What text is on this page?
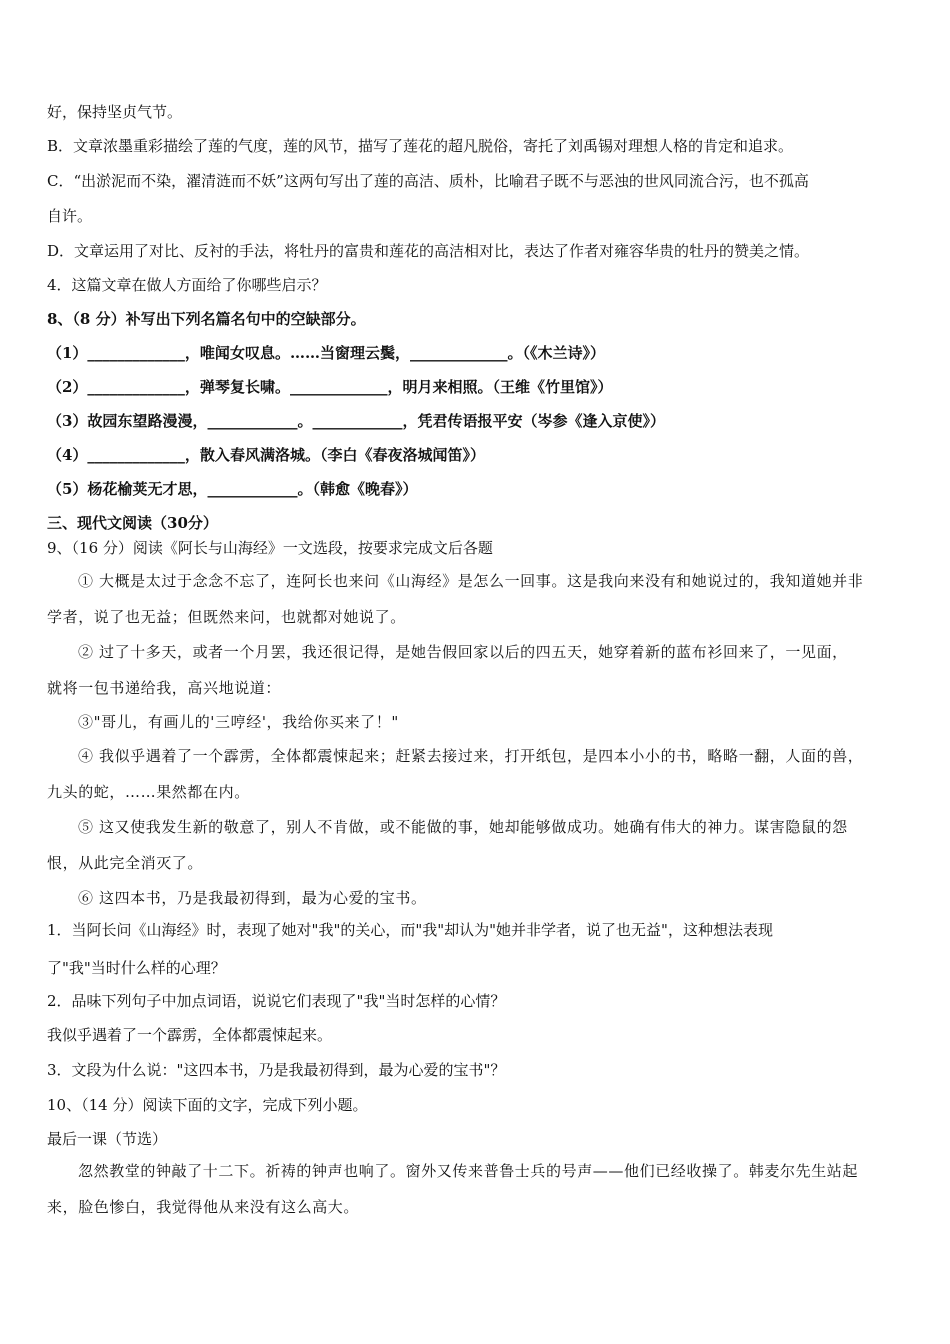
好，保持坚贞气节。
B．文章浓墨重彩描绘了莲的气度，莲的风节，描写了莲花的超凡脱俗，寄托了刘禹锡对理想人格的肯定和追求。
C．“出淤泥而不染，濯清涟而不妖”这两句写出了莲的高洁、质朴，比喻君子既不与恶浊的世风同流合污，也不孤高
自许。
D．文章运用了对比、反衬的手法，将牡丹的富贵和莲花的高洁相对比，表达了作者对雍容华贵的牡丹的赞美之情。
4．这篇文章在做人方面给了你哪些启示？
8、（8 分）补写出下列名篇名句中的空缺部分。
（1）_____________，唯闻女叹息。……当窗理云鬓，_____________。（《木兰诗》）
（2）_____________，弹琴复长啸。_____________，明月来相照。（王维《竹里馆》）
（3）故园东望路漫漫，____________。____________，凭君传语报平安（岑参《逢入京使》）
（4）_____________，散入春风满洛城。（李白《春夜洛城闻笛》）
（5）杨花榆荚无才思，____________。（韩愈《晚春》）
三、现代文阅读（30分）
9、（16 分）阅读《阿长与山海经》一文选段，按要求完成文后各题
① 大概是太过于念念不忘了，连阿长也来问《山海经》是怎么一回事。这是我向来没有和她说过的，我知道她并非
学者，说了也无益；但既然来问，也就都对她说了。
② 过了十多天，或者一个月罢，我还很记得，是她告假回家以后的四五天，她穿着新的蓝布衫回来了，一见面，
就将一包书递给我，高兴地说道：
③"哥儿，有画儿的'三哼经'，我给你买来了！"
④ 我似乎遇着了一个霹雳，全体都震悚起来；赶紧去接过来，打开纸包，是四本小小的书，略略一翻，人面的兽，
九头的蛇，……果然都在内。
⑤ 这又使我发生新的敬意了，别人不肯做，或不能做的事，她却能够做成功。她确有伟大的神力。谋害隐鼠的怨
恨，从此完全消灭了。
⑥ 这四本书，乃是我最初得到，最为心爱的宝书。
1．当阿长问《山海经》时，表现了她对"我"的关心，而"我"却认为"她并非学者，说了也无益"，这种想法表现
了"我"当时什么样的心理？
2．品味下列句子中加点词语，说说它们表现了"我"当时怎样的心情？
我似乎遇着了一个霹雳，全体都震悚起来。
3．文段为什么说："这四本书，乃是我最初得到，最为心爱的宝书"？
10、（14 分）阅读下面的文字，完成下列小题。
最后一课（节选）
忽然教堂的钟敲了十二下。祈祷的钟声也响了。窗外又传来普鲁士兵的号声——他们已经收操了。韩麦尔先生站起
来，脸色惨白，我觉得他从来没有这么高大。
